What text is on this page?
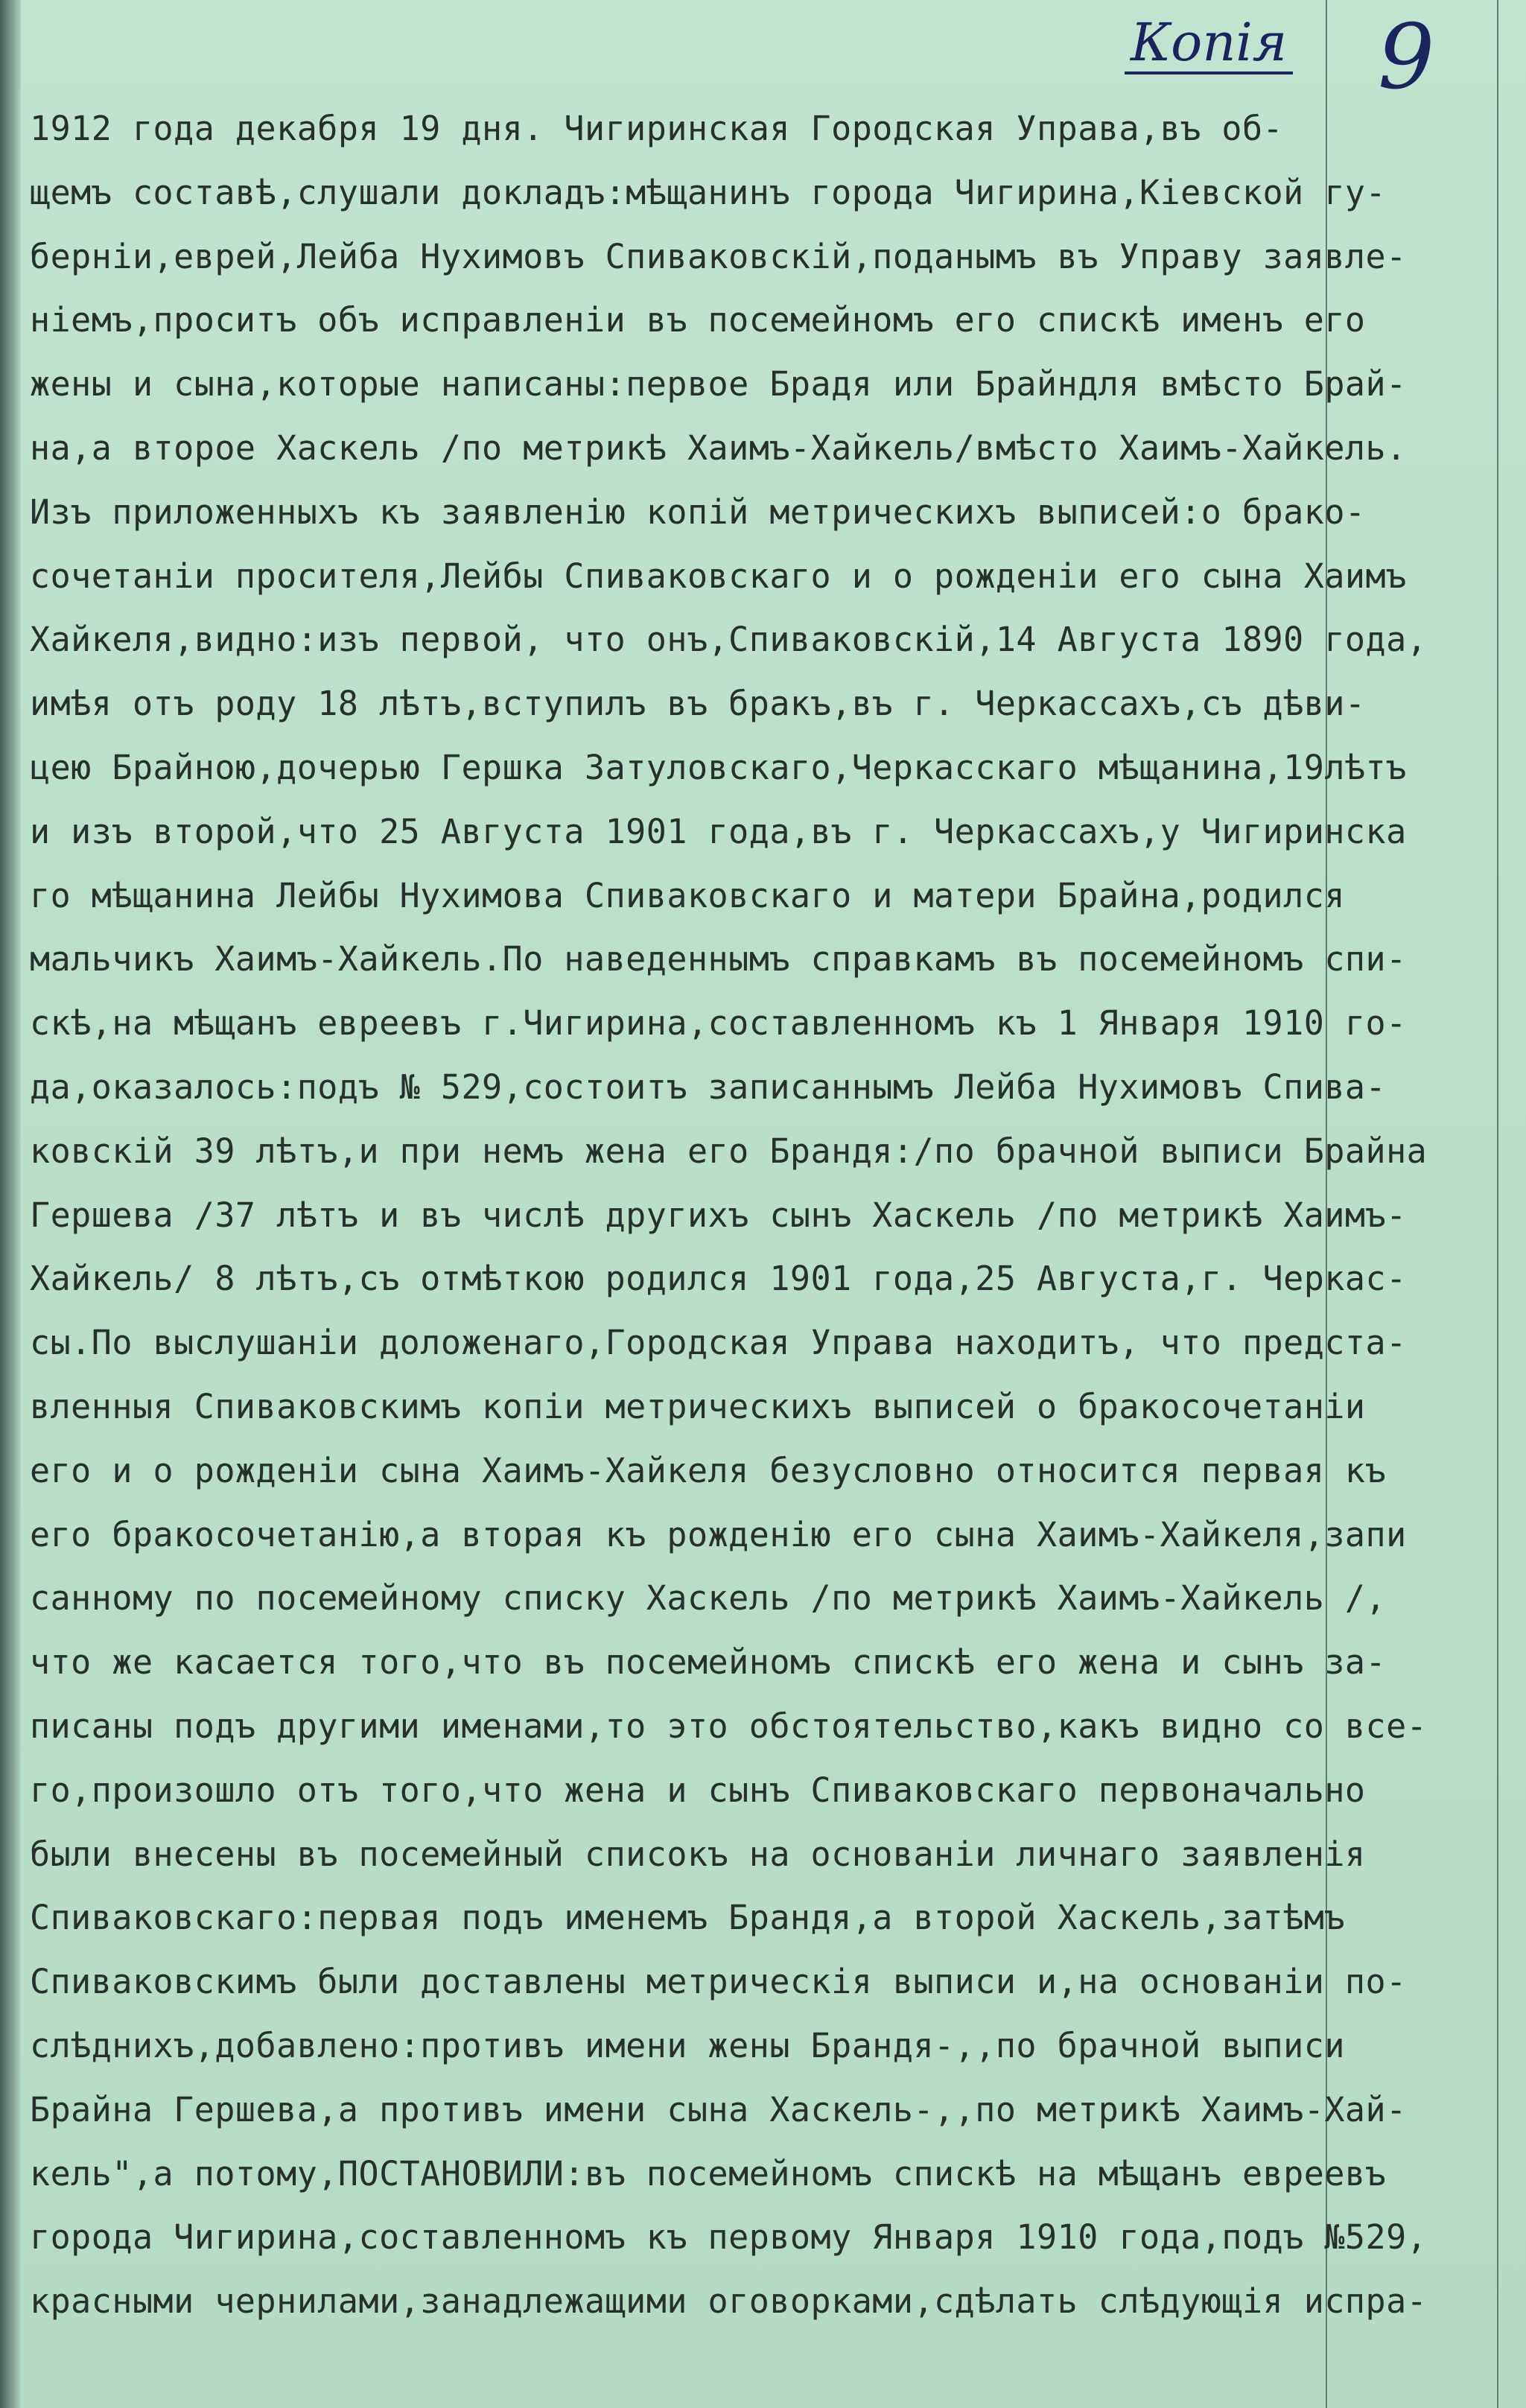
Копія 9
1912 года декабря 19 дня. Чигиринская Городская Управа,въ об-
щемъ составѣ,слушали докладъ:мѣщанинъ города Чигирина,Кіевской гу-
берніи,еврей,Лейба Нухимовъ Спиваковскій,поданымъ въ Управу заявле-
ніемъ,проситъ объ исправленіи въ посемейномъ его спискѣ именъ его
жены и сына,которые написаны:первое Брадя или Брайндля вмѣсто Брай-
на,а второе Хаскель /по метрикѣ Хаимъ-Хайкель/вмѣсто Хаимъ-Хайкель.
Изъ приложенныхъ къ заявленію копій метрическихъ выписей:о брако-
сочетаніи просителя,Лейбы Спиваковскаго и о рожденіи его сына Хаимъ
Хайкеля,видно:изъ первой, что онъ,Спиваковскій,14 Августа 1890 года,
имѣя отъ роду 18 лѣтъ,вступилъ въ бракъ,въ г. Черкассахъ,съ дѣви-
цею Брайною,дочерью Гершка Затуловскаго,Черкасскаго мѣщанина,19лѣтъ
и изъ второй,что 25 Августа 1901 года,въ г. Черкассахъ,у Чигиринска
го мѣщанина Лейбы Нухимова Спиваковскаго и матери Брайна,родился
мальчикъ Хаимъ-Хайкель.По наведеннымъ справкамъ въ посемейномъ спи-
скѣ,на мѣщанъ евреевъ г.Чигирина,составленномъ къ 1 Января 1910 го-
да,оказалось:подъ № 529,состоитъ записаннымъ Лейба Нухимовъ Спива-
ковскій 39 лѣтъ,и при немъ жена его Брандя:/по брачной выписи Брайна
Гершева /37 лѣтъ и въ числѣ другихъ сынъ Хаскель /по метрикѣ Хаимъ-
Хайкель/ 8 лѣтъ,съ отмѣткою родился 1901 года,25 Августа,г. Черкас-
сы.По выслушаніи доложенаго,Городская Управа находитъ, что предста-
вленныя Спиваковскимъ копіи метрическихъ выписей о бракосочетаніи
его и о рожденіи сына Хаимъ-Хайкеля безусловно относится первая къ
его бракосочетанію,а вторая къ рожденію его сына Хаимъ-Хайкеля,запи
санному по посемейному списку Хаскель /по метрикѣ Хаимъ-Хайкель /,
что же касается того,что въ посемейномъ спискѣ его жена и сынъ за-
писаны подъ другими именами,то это обстоятельство,какъ видно со все-
го,произошло отъ того,что жена и сынъ Спиваковскаго первоначально
были внесены въ посемейный списокъ на основаніи личнаго заявленія
Спиваковскаго:первая подъ именемъ Брандя,а второй Хаскель,затѣмъ
Спиваковскимъ были доставлены метрическія выписи и,на основаніи по-
слѣднихъ,добавлено:противъ имени жены Брандя-,,по брачной выписи
Брайна Гершева,а противъ имени сына Хаскель-,,по метрикѣ Хаимъ-Хай-
кель",а потому,ПОСТАНОВИЛИ:въ посемейномъ спискѣ на мѣщанъ евреевъ
города Чигирина,составленномъ къ первому Января 1910 года,подъ №529,
красными чернилами,занадлежащими оговорками,сдѣлать слѣдующія испра-
